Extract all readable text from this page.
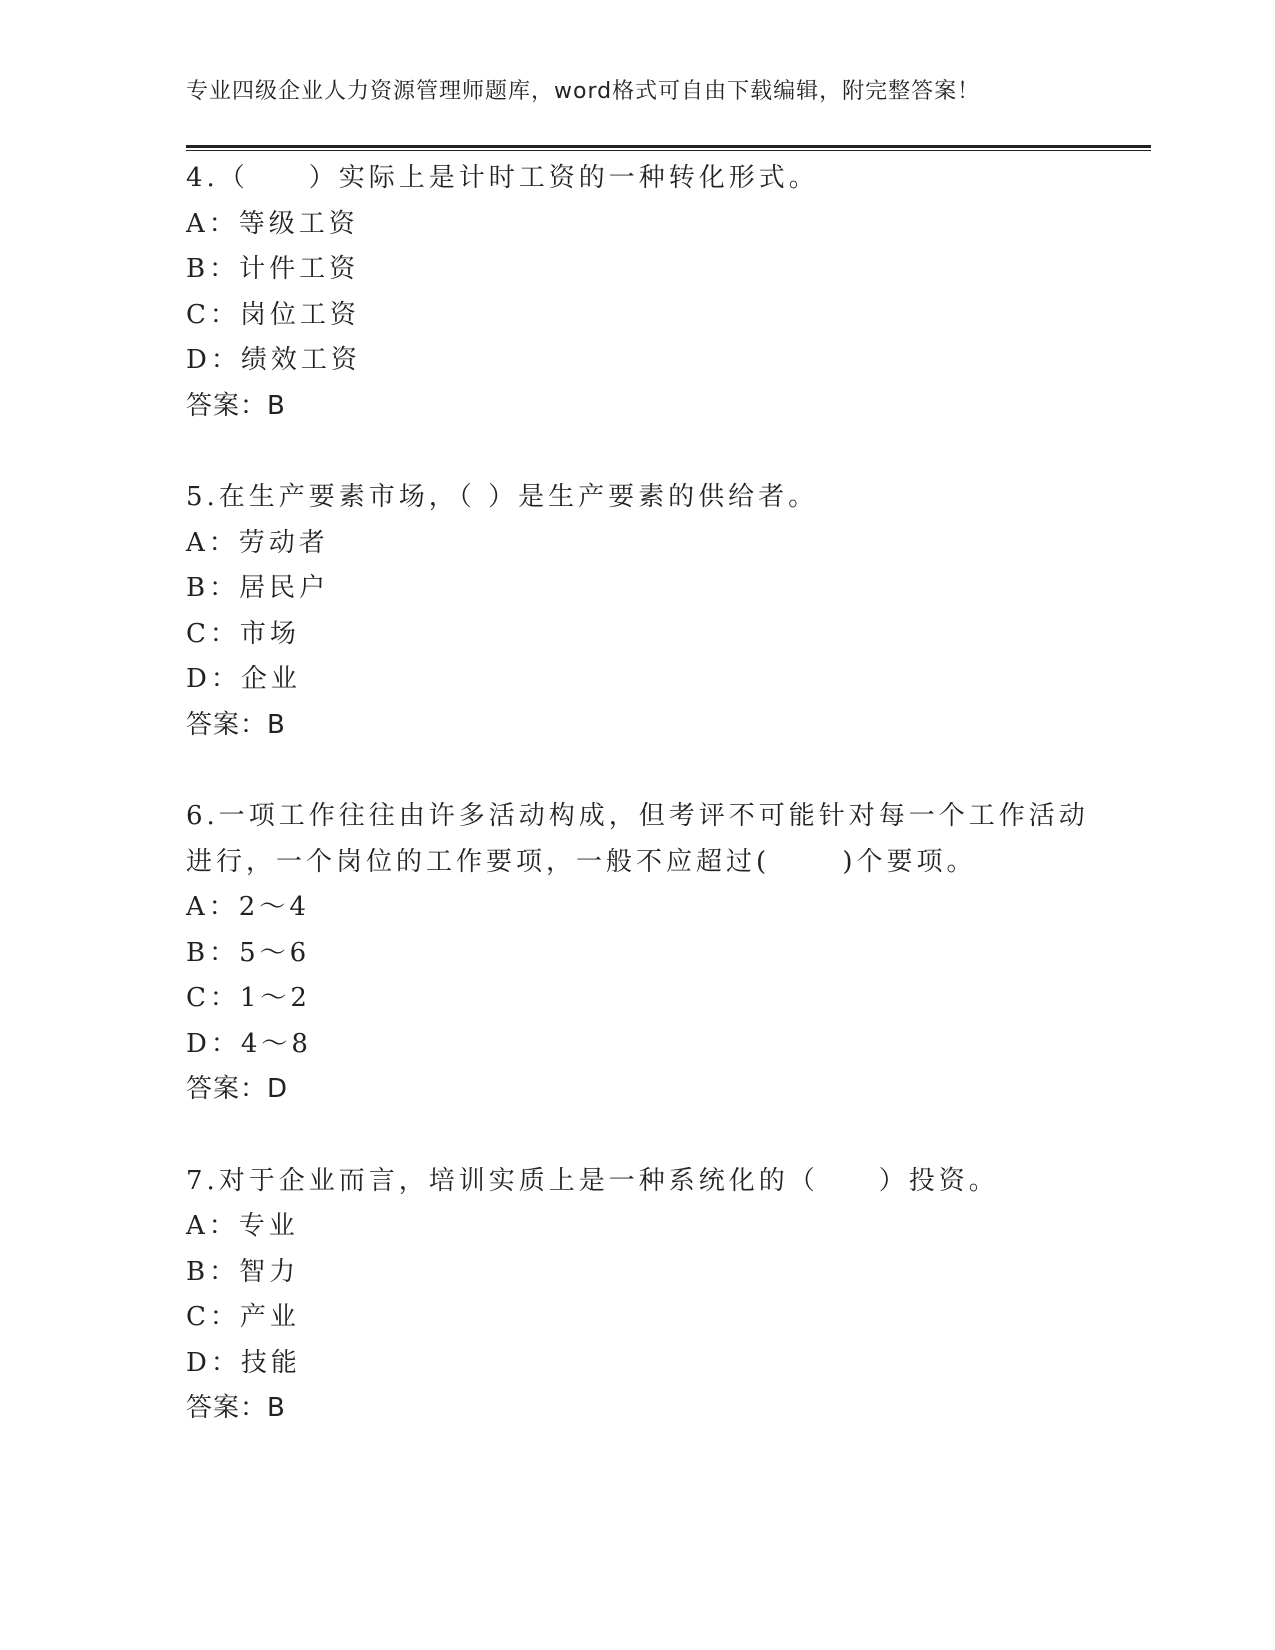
专业四级企业人力资源管理师题库，word格式可自由下载编辑，附完整答案！

4.（　　）实际上是计时工资的一种转化形式。

A：等级工资

B：计件工资

C：岗位工资

D：绩效工资

答案：B

5.在生产要素市场，（ ）是生产要素的供给者。

A：劳动者

B：居民户

C：市场

D：企业

答案：B

6.一项工作往往由许多活动构成，但考评不可能针对每一个工作活动

进行，一个岗位的工作要项，一般不应超过(　　 )个要项。

A：2～4

B：5～6

C：1～2

D：4～8

答案：D

7.对于企业而言，培训实质上是一种系统化的（　　）投资。

A：专业

B：智力

C：产业

D：技能

答案：B
